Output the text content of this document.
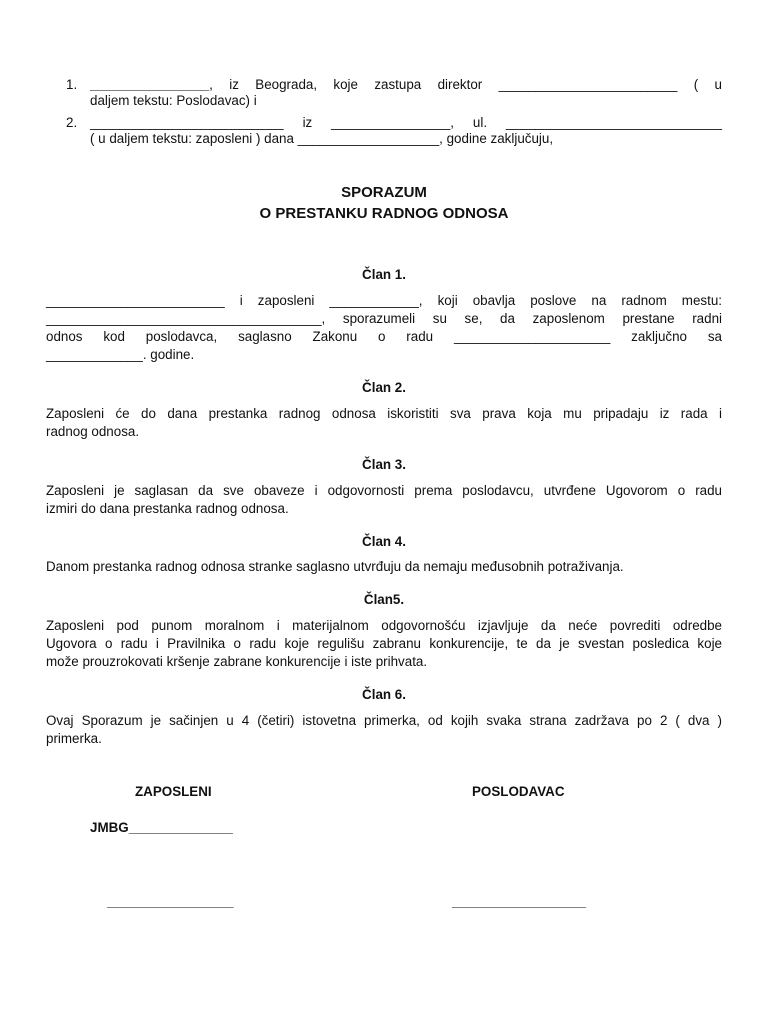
1. ________________, iz Beograda, koje zastupa direktor ________________________ ( u
daljem tekstu: Poslodavac) i
2. __________________________ iz ________________, ul. _____________________________
( u daljem tekstu: zaposleni ) dana ___________________, godine zaključuju,
SPORAZUM
O PRESTANKU RADNOG ODNOSA
Član 1.
________________________ i zaposleni ____________, koji obavlja poslove na radnom mestu:
_____________________________________, sporazumeli su se, da zaposlenom prestane radni
odnos kod poslodavca, saglasno Zakonu o radu _____________________ zaključno sa
_____________. godine.
Član 2.
Zaposleni će do dana prestanka radnog odnosa iskoristiti sva prava koja mu pripadaju iz rada i
radnog odnosa.
Član 3.
Zaposleni je saglasan da sve obaveze i odgovornosti prema poslodavcu, utvrđene Ugovorom o radu
izmiri do dana prestanka radnog odnosa.
Član 4.
Danom prestanka radnog odnosa stranke saglasno utvrđuju da nemaju međusobnih potraživanja.
Član5.
Zaposleni pod punom moralnom i materijalnom odgovornošću izjavljuje da neće povrediti odredbe
Ugovora o radu i Pravilnika o radu koje regulišu zabranu konkurencije, te da je svestan posledica koje
može prouzrokovati kršenje zabrane konkurencije i iste prihvata.
Član 6.
Ovaj Sporazum je sačinjen u 4 (četiri) istovetna primerka, od kojih svaka strana zadržava po 2 ( dva )
primerka.
ZAPOSLENI	POSLODAVAC
JMBG______________
_________________	__________________
